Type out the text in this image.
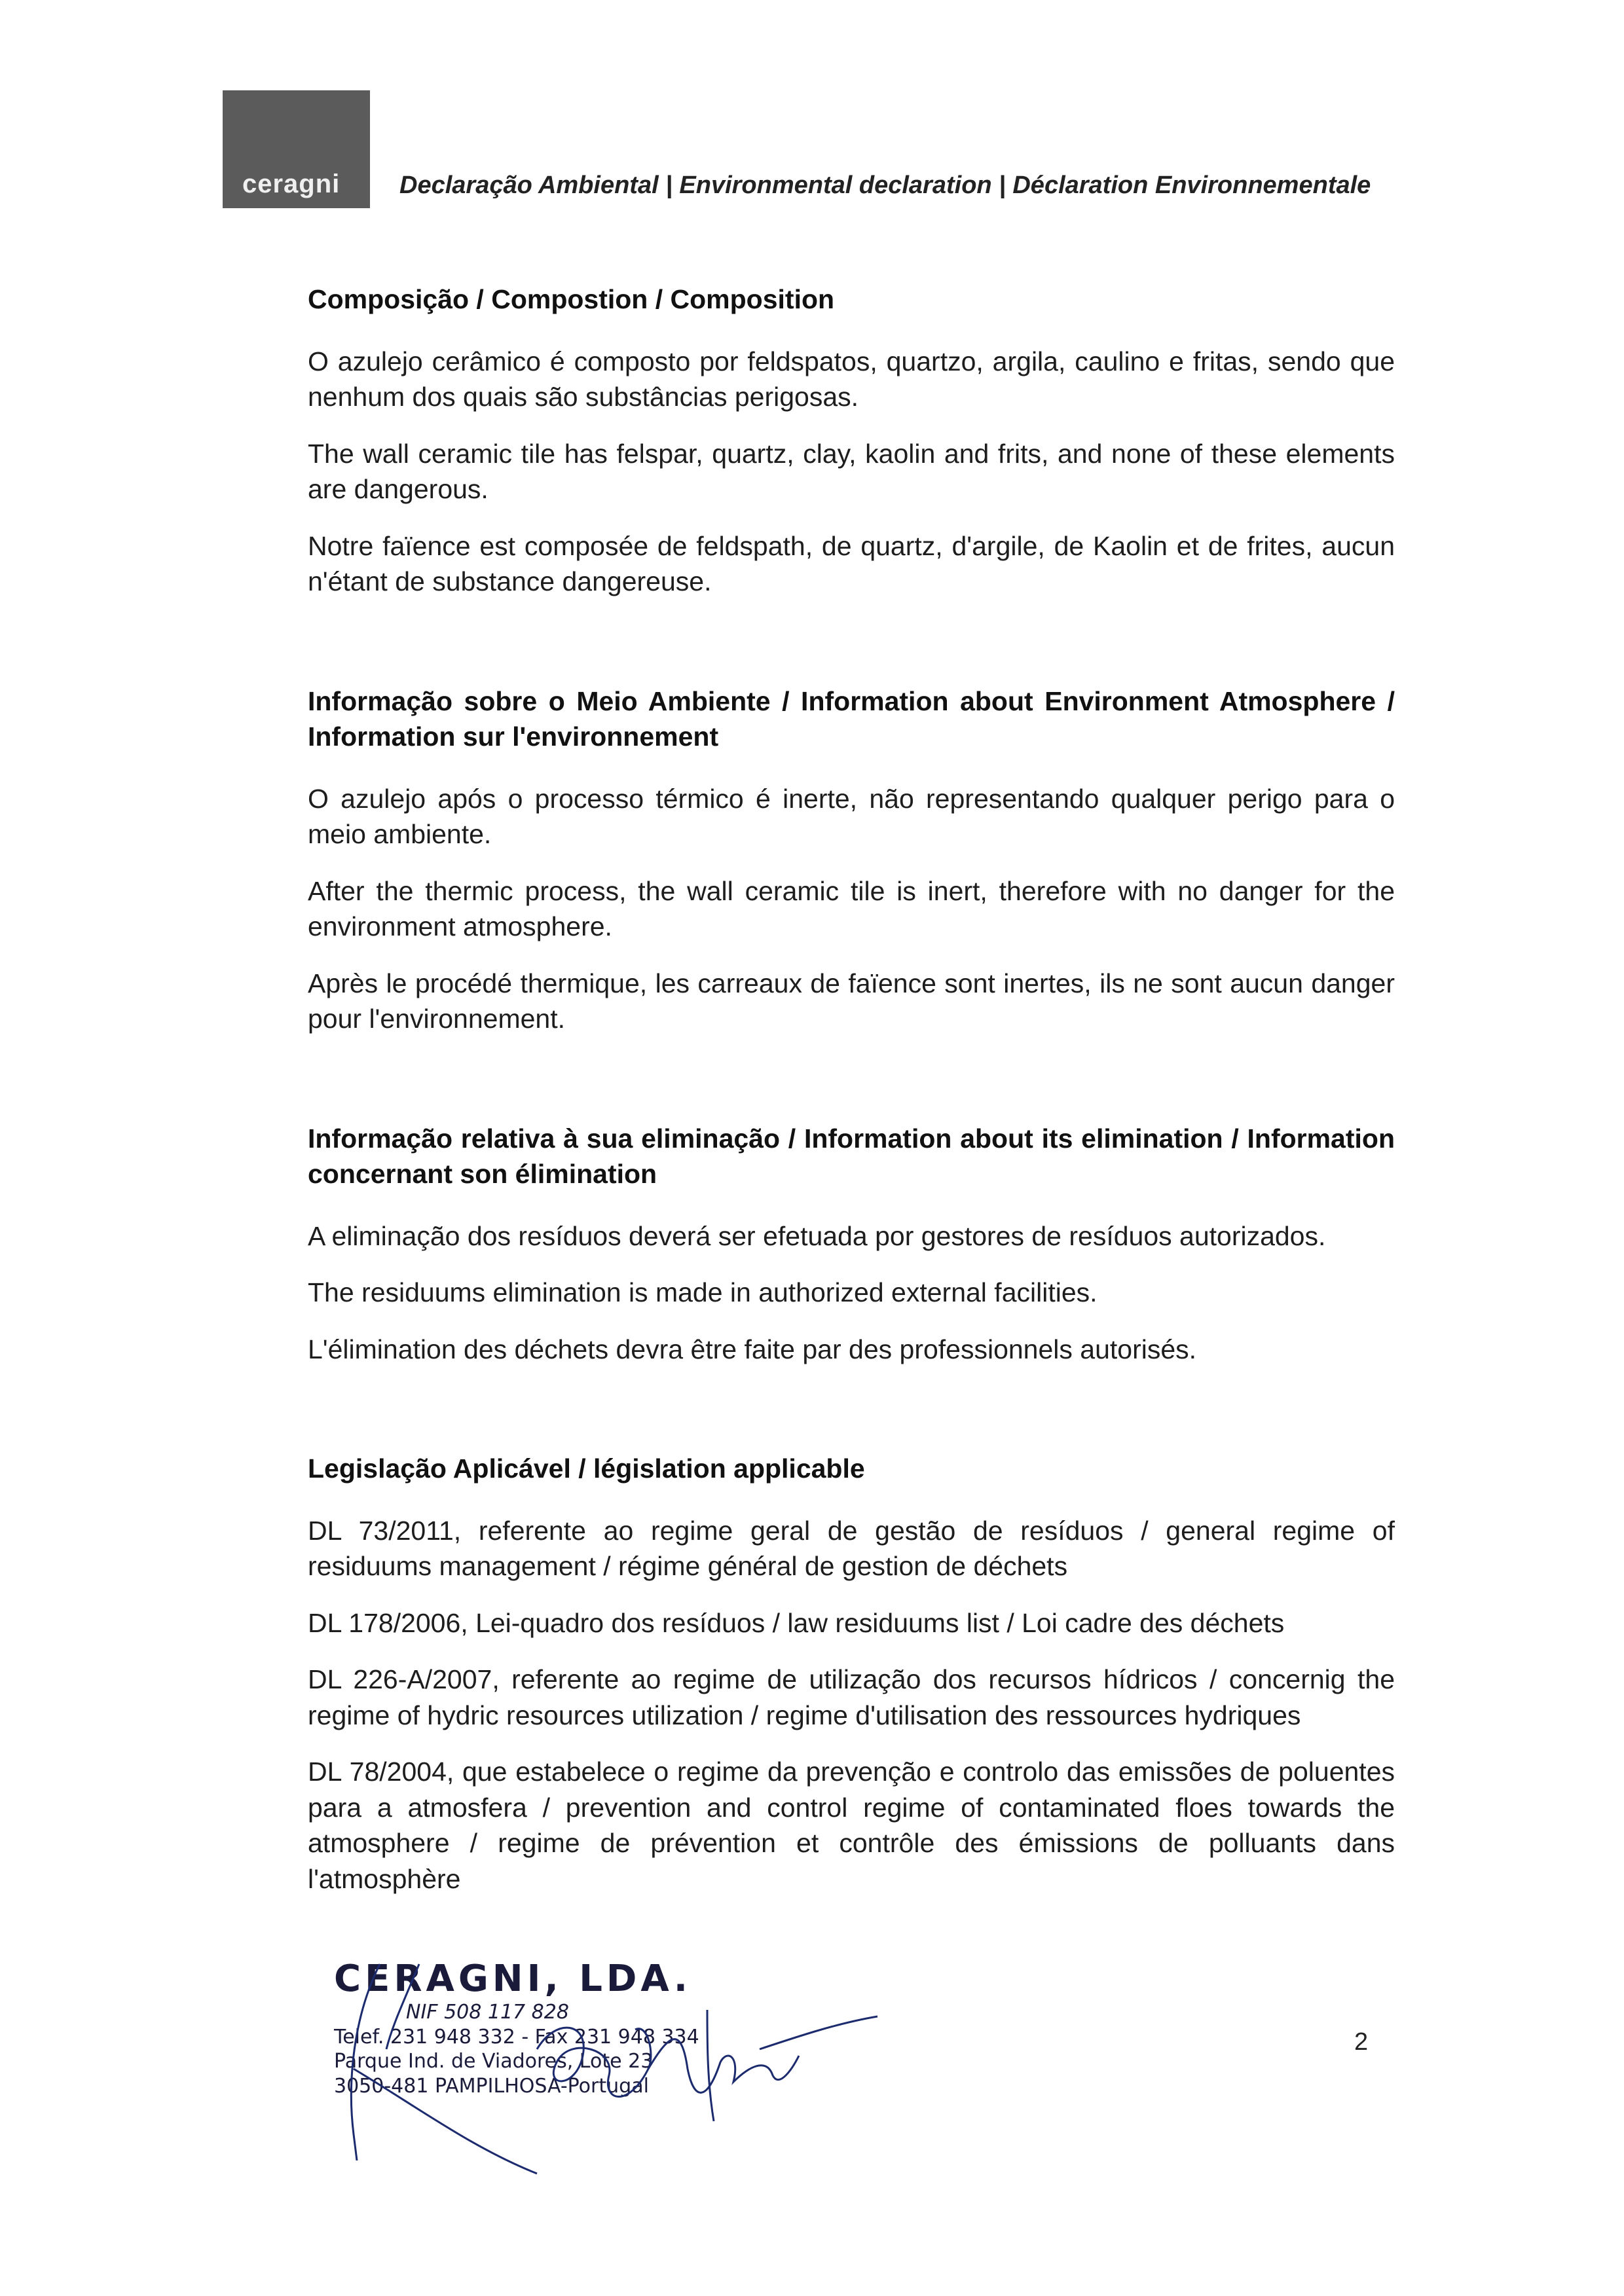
ceragni Declaração Ambiental | Environmental declaration | Déclaration Environnementale
Composição / Compostion / Composition

O azulejo cerâmico é composto por feldspatos, quartzo, argila, caulino e fritas, sendo que nenhum dos quais são substâncias perigosas.

The wall ceramic tile has felspar, quartz, clay, kaolin and frits, and none of these elements are dangerous.

Notre faïence est composée de feldspath, de quartz, d'argile, de Kaolin et de frites, aucun n'étant de substance dangereuse.

Informação sobre o Meio Ambiente / Information about Environment Atmosphere / Information sur l'environnement

O azulejo após o processo térmico é inerte, não representando qualquer perigo para o meio ambiente.

After the thermic process, the wall ceramic tile is inert, therefore with no danger for the environment atmosphere.

Après le procédé thermique, les carreaux de faïence sont inertes, ils ne sont aucun danger pour l'environnement.

Informação relativa à sua eliminação / Information about its elimination / Information concernant son élimination

A eliminação dos resíduos deverá ser efetuada por gestores de resíduos autorizados.

The residuums elimination is made in authorized external facilities.

L'élimination des déchets devra être faite par des professionnels autorisés.

Legislação Aplicável / législation applicable

DL 73/2011, referente ao regime geral de gestão de resíduos / general regime of residuums management / régime général de gestion de déchets

DL 178/2006, Lei-quadro dos resíduos / law residuums list / Loi cadre des déchets

DL 226-A/2007, referente ao regime de utilização dos recursos hídricos / concernig the regime of hydric resources utilization / regime d'utilisation des ressources hydriques

DL 78/2004, que estabelece o regime da prevenção e controlo das emissões de poluentes para a atmosfera / prevention and control regime of contaminated floes towards the atmosphere / regime de prévention et contrôle des émissions de polluants dans l'atmosphère

CERAGNI, LDA.
NIF 508 117 828
Telef. 231 948 332 - Fax 231 948 334
Parque Ind. de Viadores, Lote 23
3050-481 PAMPILHOSA-Portugal
2
